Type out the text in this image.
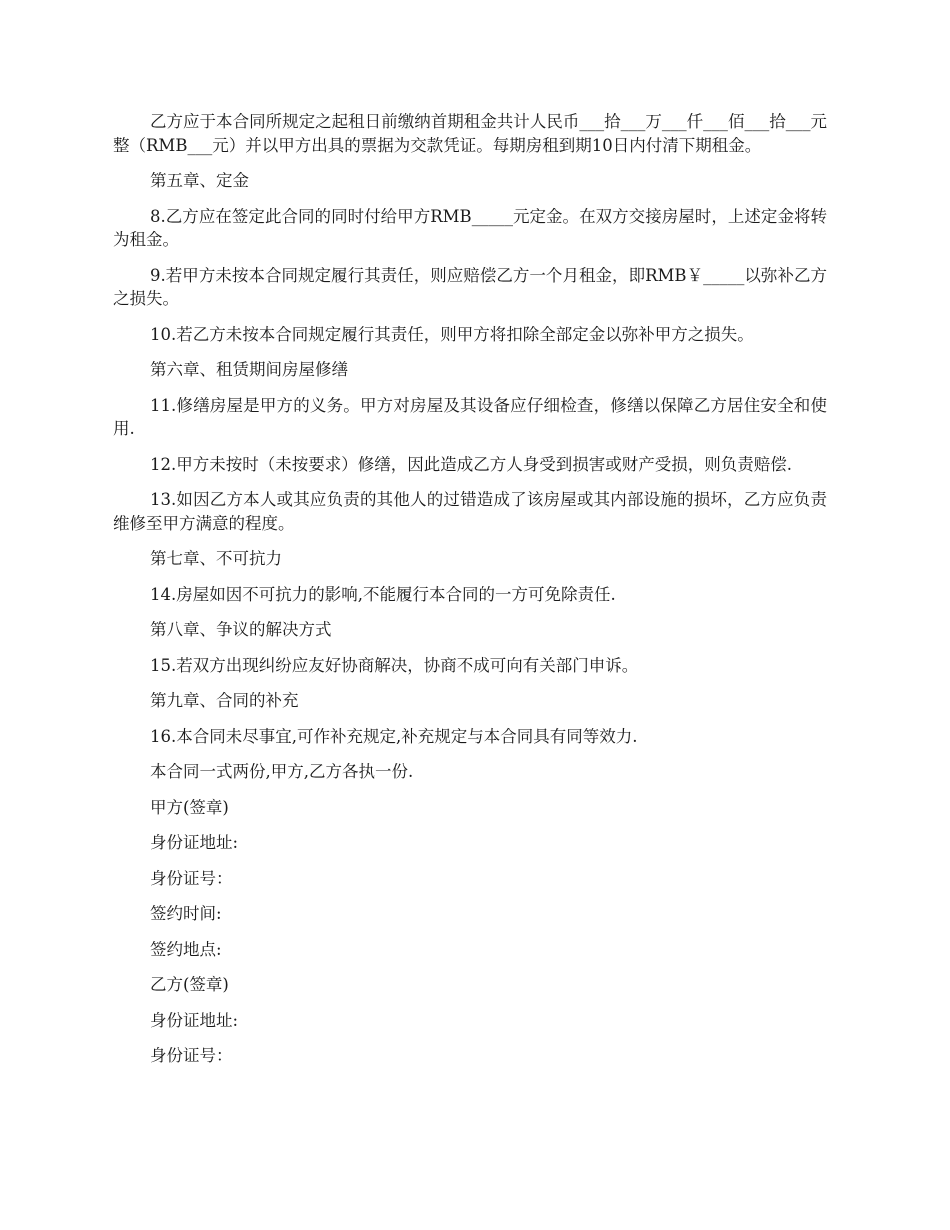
乙方应于本合同所规定之起租日前缴纳首期租金共计人民币___拾___万___仟___佰___拾___元整（RMB___元）并以甲方出具的票据为交款凭证。每期房租到期10日内付清下期租金。

第五章、定金

8.乙方应在签定此合同的同时付给甲方RMB_____元定金。在双方交接房屋时，上述定金将转为租金。

9.若甲方未按本合同规定履行其责任，则应赔偿乙方一个月租金，即RMB￥_____以弥补乙方之损失。

10.若乙方未按本合同规定履行其责任，则甲方将扣除全部定金以弥补甲方之损失。

第六章、租赁期间房屋修缮

11.修缮房屋是甲方的义务。甲方对房屋及其设备应仔细检查，修缮以保障乙方居住安全和使用.

12.甲方未按时（未按要求）修缮，因此造成乙方人身受到损害或财产受损，则负责赔偿.

13.如因乙方本人或其应负责的其他人的过错造成了该房屋或其内部设施的损坏，乙方应负责维修至甲方满意的程度。

第七章、不可抗力

14.房屋如因不可抗力的影响,不能履行本合同的一方可免除责任.

第八章、争议的解决方式

15.若双方出现纠纷应友好协商解决，协商不成可向有关部门申诉。

第九章、合同的补充

16.本合同未尽事宜,可作补充规定,补充规定与本合同具有同等效力.

本合同一式两份,甲方,乙方各执一份.

甲方(签章)

身份证地址:

身份证号：

签约时间:

签约地点:

乙方(签章)

身份证地址:

身份证号：
